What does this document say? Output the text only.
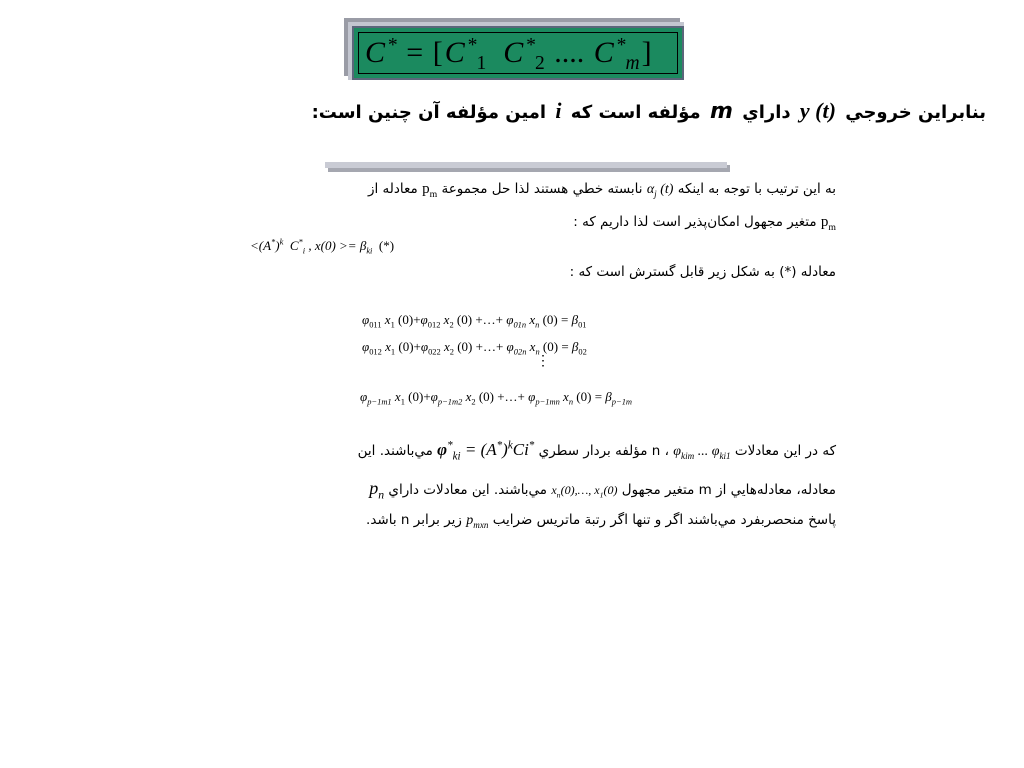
C * = [C *$_1$ C *$_2$ .... C *$_m$]
بنابراين خروجي y (t) داراي m مؤلفه است كه i امين مؤلفه آن چنين است:
به اين ترتيب با توجه به اينكه $\alpha_j$ (t) نابسته خطي هستند لذا حل مجموعة $p_m$ معادله از
$p_m$ متغير مجهول امكان‌پذير است لذا داريم كه :
$<(A^*)^k$ $C^*_i$ , $x(0) >= \beta_{ki}$ (*)
معادله (*) به شكل زير قابل گسترش است كه :
$\varphi_{011}$ $x_1$ $(0)+\varphi_{012}$ $x_2$ (0) +…+ $\varphi_{01n}$ $x_n$ $(0) = \beta_{01}$
$\varphi_{012}$ $x_1$ $(0)+\varphi_{022}$ $x_2$ (0) +…+ $\varphi_{02n}$ $x_n$ $(0) = \beta_{02}$
⋮
$\varphi_{p-1m1}$ $x_1$ $(0)+\varphi_{p-1m2}$ $x_2$ (0) +…+ $\varphi_{p-1mn}$ $x_n$ $(0) = \beta_{p-1m}$
كه در اين معادلات $\varphi_{kim}$ ... $\varphi_{ki1}$ ، n مؤلفه بردار سطري $\varphi^*_{ki} = (A^*)^kCi^*$ مي‌باشند. اين
معادله، معادله‌هايي از m متغير مجهول $x_n(0),\dots$, $x_1(0)$ مي‌باشند. اين معادلات داراي $p_n$
پاسخ منحصربفرد مي‌باشند اگر و تنها اگر رتبة ماتريس ضرايب $p_{mxn}$ زير برابر n باشد.
